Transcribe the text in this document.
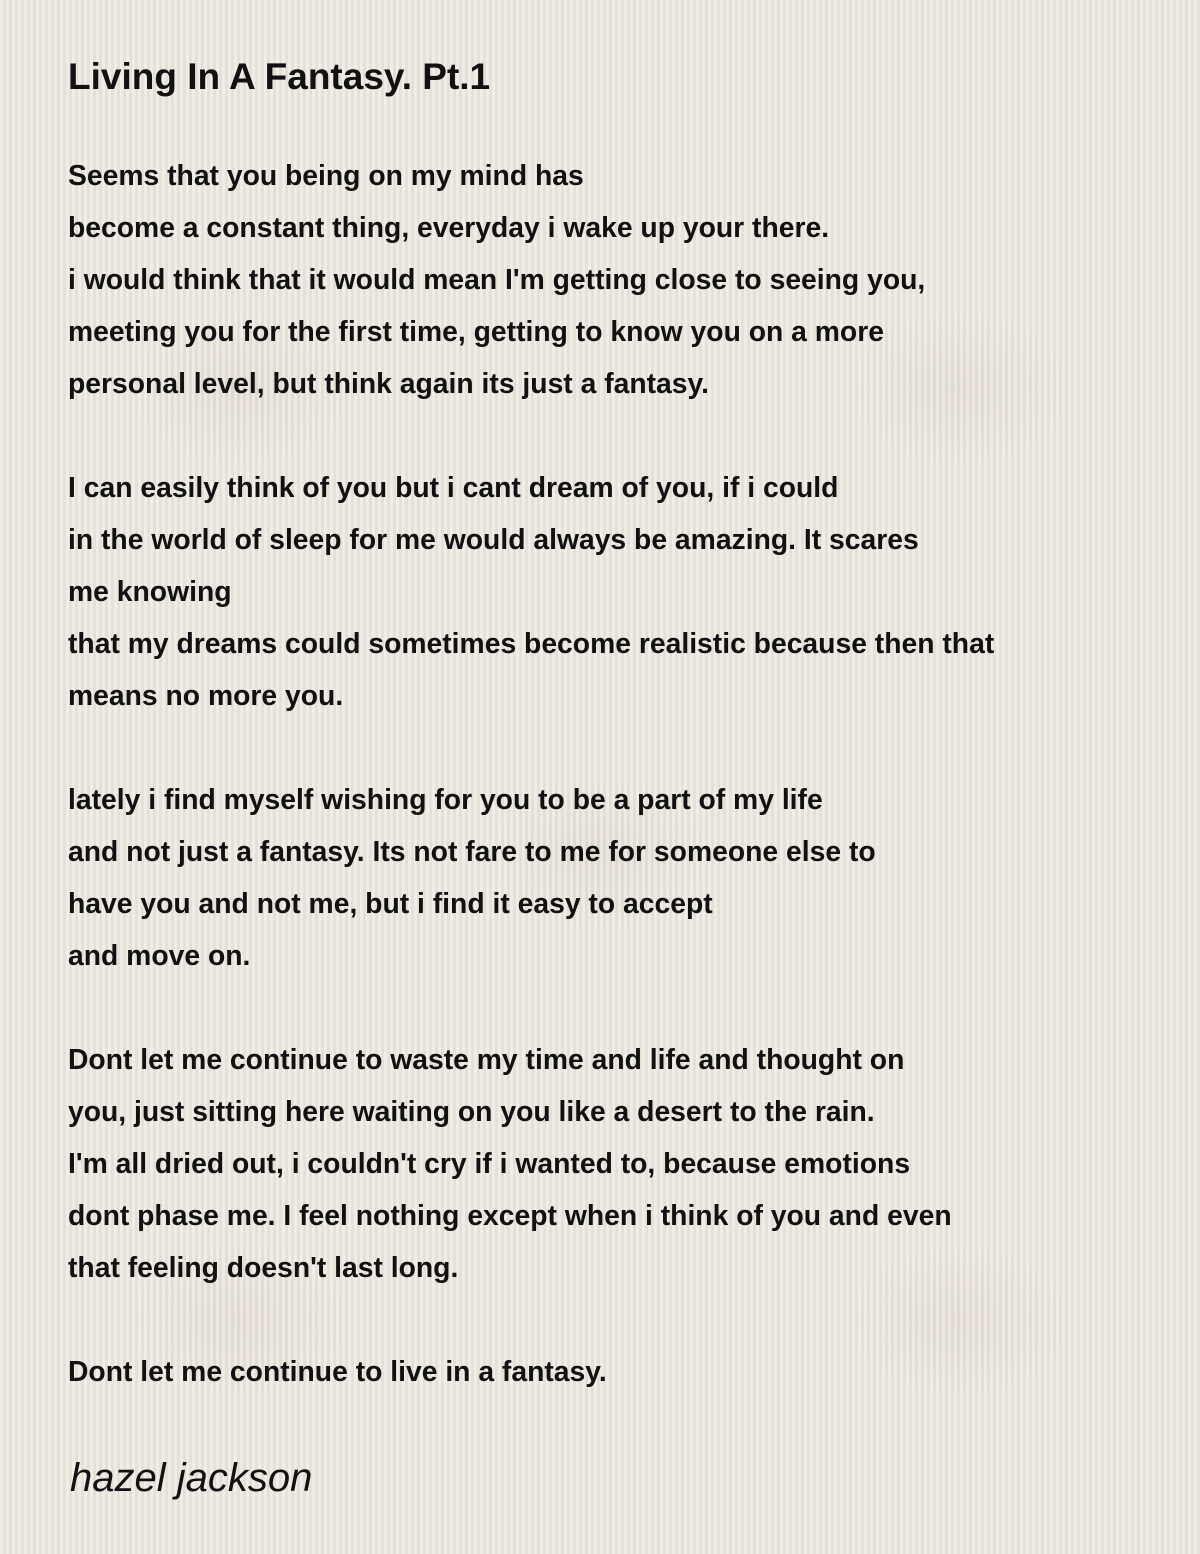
Living In A Fantasy. Pt.1

Seems that you being on my mind has
become a constant thing, everyday i wake up your there.
i would think that it would mean I'm getting close to seeing you,
meeting you for the first time, getting to know you on a more
personal level, but think again its just a fantasy.

I can easily think of you but i cant dream of you, if i could
in the world of sleep for me would always be amazing. It scares
me knowing
that my dreams could sometimes become realistic because then that
means no more you.

lately i find myself wishing for you to be a part of my life
and not just a fantasy. Its not fare to me for someone else to
have you and not me, but i find it easy to accept
and move on.

Dont let me continue to waste my time and life and thought on
you, just sitting here waiting on you like a desert to the rain.
I'm all dried out, i couldn't cry if i wanted to, because emotions
dont phase me. I feel nothing except when i think of you and even
that feeling doesn't last long.

Dont let me continue to live in a fantasy.

hazel jackson
